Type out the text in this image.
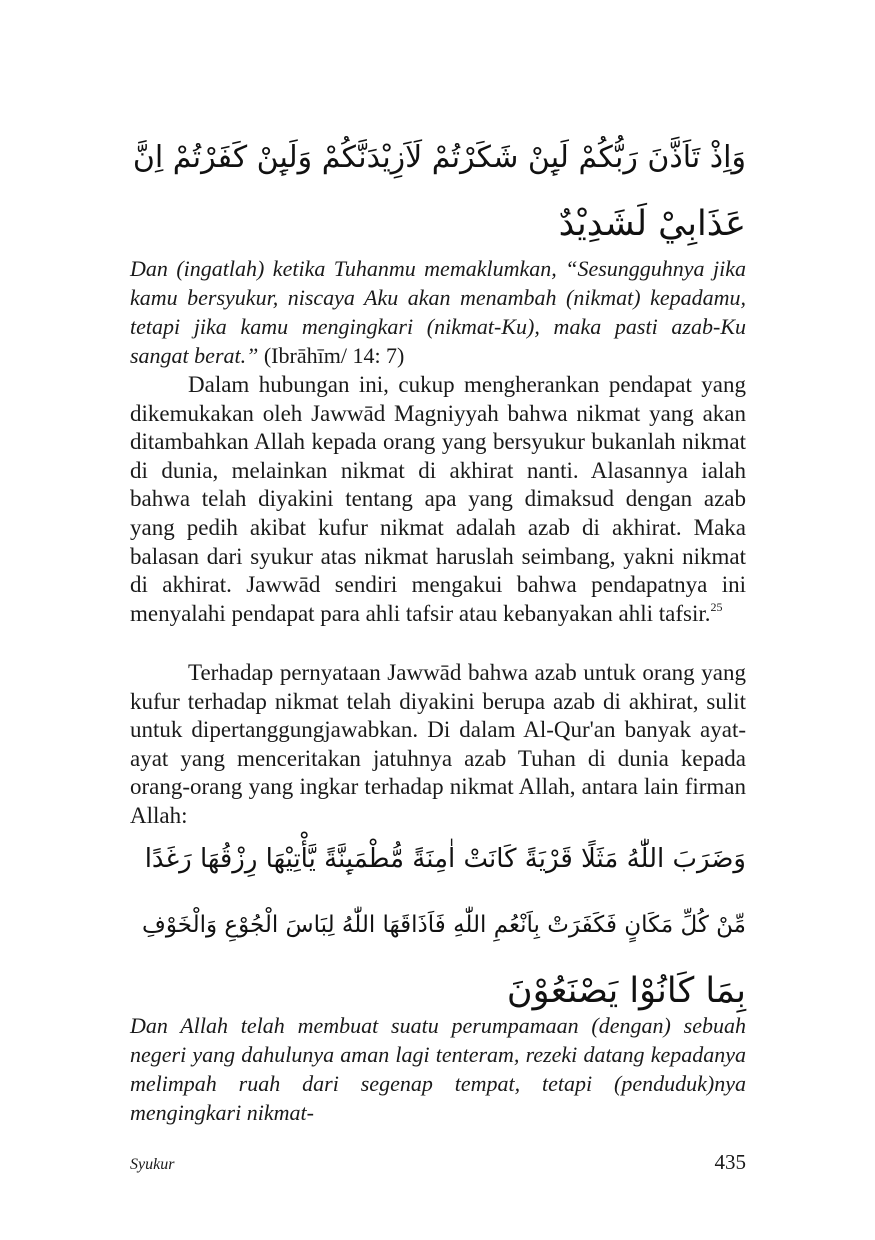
وَاِذْ تَاَذَّنَ رَبُّكُمْ لَىِٕنْ شَكَرْتُمْ لَاَزِيْدَنَّكُمْ وَلَىِٕنْ كَفَرْتُمْ اِنَّ
عَذَابِيْ لَشَدِيْدٌ

Dan (ingatlah) ketika Tuhanmu memaklumkan, “Sesungguhnya jika kamu bersyukur, niscaya Aku akan menambah (nikmat) kepadamu, tetapi jika kamu mengingkari (nikmat-Ku), maka pasti azab-Ku sangat berat.” (Ibrāhīm/ 14: 7)

Dalam hubungan ini, cukup mengherankan pendapat yang dikemukakan oleh Jawwād Magniyyah bahwa nikmat yang akan ditambahkan Allah kepada orang yang bersyukur bukanlah nikmat di dunia, melainkan nikmat di akhirat nanti. Alasannya ialah bahwa telah diyakini tentang apa yang dimaksud dengan azab yang pedih akibat kufur nikmat adalah azab di akhirat. Maka balasan dari syukur atas nikmat haruslah seimbang, yakni nikmat di akhirat. Jawwād sendiri mengakui bahwa pendapatnya ini menyalahi pendapat para ahli tafsir atau kebanyakan ahli tafsir.$^{25}$

Terhadap pernyataan Jawwād bahwa azab untuk orang yang kufur terhadap nikmat telah diyakini berupa azab di akhirat, sulit untuk dipertanggungjawabkan. Di dalam Al-Qur'an banyak ayat-ayat yang menceritakan jatuhnya azab Tuhan di dunia kepada orang-orang yang ingkar terhadap nikmat Allah, antara lain firman Allah:

وَضَرَبَ اللّٰهُ مَثَلًا قَرْيَةً كَانَتْ اٰمِنَةً مُّطْمَىِٕنَّةً يَّأْتِيْهَا رِزْقُهَا رَغَدًا
مِّنْ كُلِّ مَكَانٍ فَكَفَرَتْ بِاَنْعُمِ اللّٰهِ فَاَذَاقَهَا اللّٰهُ لِبَاسَ الْجُوْعِ وَالْخَوْفِ
بِمَا كَانُوْا يَصْنَعُوْنَ

Dan Allah telah membuat suatu perumpamaan (dengan) sebuah negeri yang dahulunya aman lagi tenteram, rezeki datang kepadanya melimpah ruah dari segenap tempat, tetapi (penduduk)nya mengingkari nikmat-

Syukur	435
